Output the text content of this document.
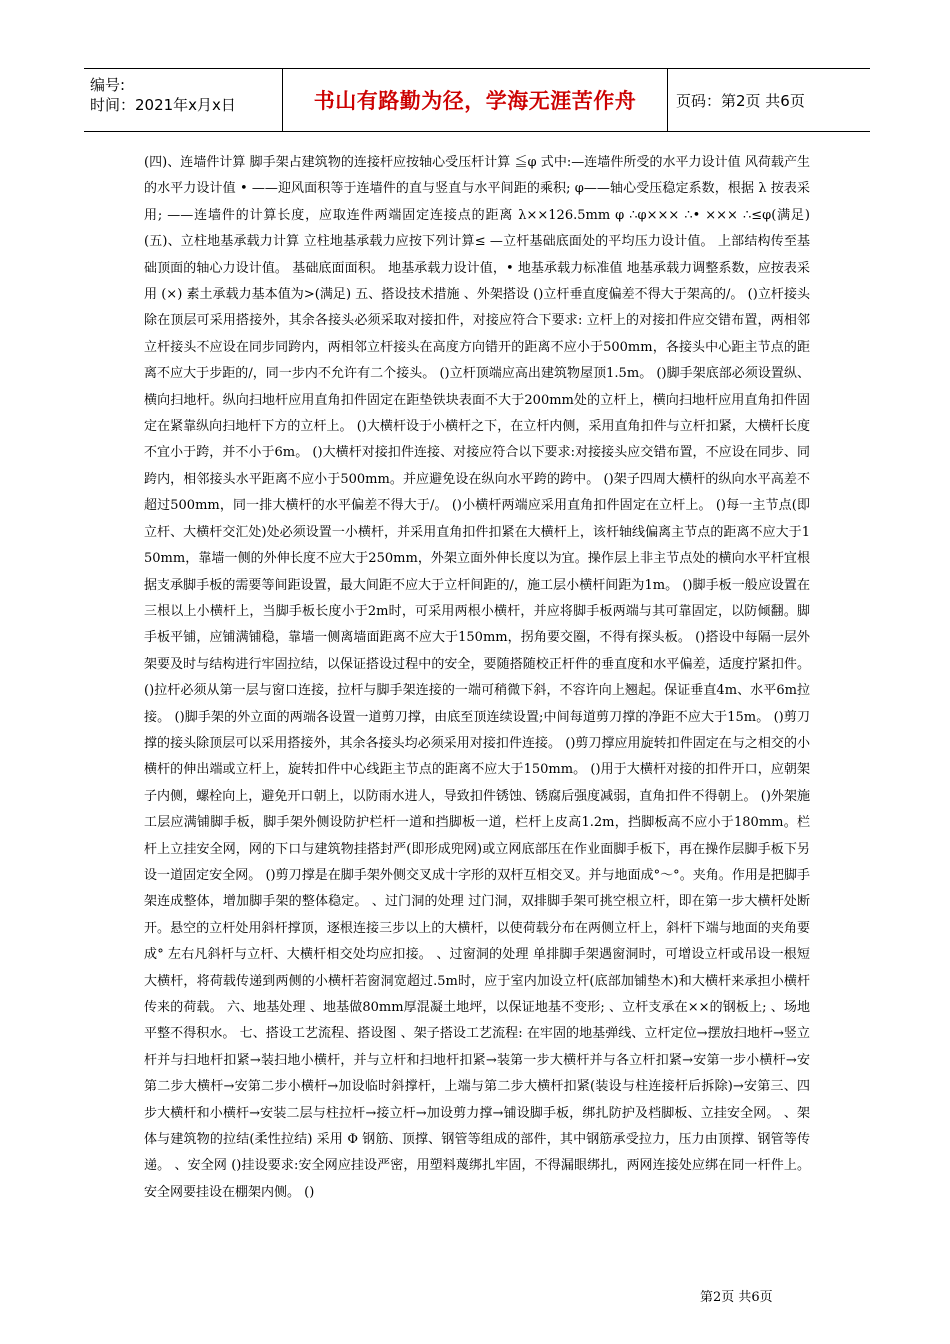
编号:
时间：2021年x月x日	书山有路勤为径，学海无涯苦作舟	页码：第2页 共6页
(四)、连墙件计算 脚手架占建筑物的连接杆应按轴心受压杆计算 ≦φ 式中:—连墙件所受的水平力设计值 风荷载产生的水平力设计值 • ——迎风面积等于连墙件的直与竖直与水平间距的乘积; φ——轴心受压稳定系数，根据 λ 按表采用; ——连墙件的计算长度，应取连件两端固定连接点的距离 λ××126.5mm φ ∴φ××× ∴• ××× ∴≤φ(满足) (五)、立柱地基承载力计算 立柱地基承载力应按下列计算≤ —立杆基础底面处的平均压力设计值。 上部结构传至基础顶面的轴心力设计值。 基础底面面积。 地基承载力设计值，• 地基承载力标准值 地基承载力调整系数，应按表采用 (×) 素土承载力基本值为>(满足) 五、搭设技术措施 、外架搭设 ()立杆垂直度偏差不得大于架高的/。 ()立杆接头除在顶层可采用搭接外，其余各接头必须采取对接扣件，对接应符合下要求: 立杆上的对接扣件应交错布置，两相邻立杆接头不应设在同步同跨内，两相邻立杆接头在高度方向错开的距离不应小于500mm，各接头中心距主节点的距离不应大于步距的/，同一步内不允许有二个接头。 ()立杆顶端应高出建筑物屋顶1.5m。 ()脚手架底部必须设置纵、横向扫地杆。纵向扫地杆应用直角扣件固定在距垫铁块表面不大于200mm处的立杆上，横向扫地杆应用直角扣件固定在紧靠纵向扫地杆下方的立杆上。 ()大横杆设于小横杆之下，在立杆内侧，采用直角扣件与立杆扣紧，大横杆长度不宜小于跨，并不小于6m。 ()大横杆对接扣件连接、对接应符合以下要求:对接接头应交错布置，不应设在同步、同跨内，相邻接头水平距离不应小于500mm。并应避免设在纵向水平跨的跨中。 ()架子四周大横杆的纵向水平高差不超过500mm，同一排大横杆的水平偏差不得大于/。 ()小横杆两端应采用直角扣件固定在立杆上。 ()每一主节点(即立杆、大横杆交汇处)处必须设置一小横杆，并采用直角扣件扣紧在大横杆上，该杆轴线偏离主节点的距离不应大于150mm，靠墙一侧的外伸长度不应大于250mm，外架立面外伸长度以为宜。操作层上非主节点处的横向水平杆宜根据支承脚手板的需要等间距设置，最大间距不应大于立杆间距的/，施工层小横杆间距为1m。 ()脚手板一般应设置在三根以上小横杆上，当脚手板长度小于2m时，可采用两根小横杆，并应将脚手板两端与其可靠固定，以防倾翻。脚手板平铺，应铺满铺稳，靠墙一侧离墙面距离不应大于150mm，拐角要交圈，不得有探头板。 ()搭设中每隔一层外架要及时与结构进行牢固拉结，以保证搭设过程中的安全，要随搭随校正杆件的垂直度和水平偏差，适度拧紧扣件。 ()拉杆必须从第一层与窗口连接，拉杆与脚手架连接的一端可稍微下斜，不容许向上翘起。保证垂直4m、水平6m拉接。 ()脚手架的外立面的两端各设置一道剪刀撑，由底至顶连续设置;中间每道剪刀撑的净距不应大于15m。 ()剪刀撑的接头除顶层可以采用搭接外，其余各接头均必须采用对接扣件连接。 ()剪刀撑应用旋转扣件固定在与之相交的小横杆的伸出端或立杆上，旋转扣件中心线距主节点的距离不应大于150mm。 ()用于大横杆对接的扣件开口，应朝架子内侧，螺栓向上，避免开口朝上，以防雨水进人，导致扣件锈蚀、锈腐后强度减弱，直角扣件不得朝上。 ()外架施工层应满铺脚手板，脚手架外侧设防护栏杆一道和挡脚板一道，栏杆上皮高1.2m，挡脚板高不应小于180mm。栏杆上立挂安全网，网的下口与建筑物挂搭封严(即形成兜网)或立网底部压在作业面脚手板下，再在操作层脚手板下另设一道固定安全网。 ()剪刀撑是在脚手架外侧交叉成十字形的双杆互相交叉。并与地面成°～°。夹角。作用是把脚手架连成整体，增加脚手架的整体稳定。 、过门洞的处理 过门洞，双排脚手架可挑空根立杆，即在第一步大横杆处断开。悬空的立杆处用斜杆撑顶，逐根连接三步以上的大横杆，以使荷载分布在两侧立杆上，斜杆下端与地面的夹角要成° 左右凡斜杆与立杆、大横杆相交处均应扣接。 、过窗洞的处理 单排脚手架遇窗洞时，可增设立杆或吊设一根短大横杆，将荷载传递到两侧的小横杆若窗洞宽超过.5m时，应于室内加设立杆(底部加铺垫木)和大横杆来承担小横杆传来的荷载。 六、地基处理 、地基做80mm厚混凝土地坪，以保证地基不变形; 、立杆支承在××的钢板上; 、场地平整不得积水。 七、搭设工艺流程、搭设图 、架子搭设工艺流程: 在牢固的地基弹线、立杆定位→摆放扫地杆→竖立杆并与扫地杆扣紧→装扫地小横杆，并与立杆和扫地杆扣紧→装第一步大横杆并与各立杆扣紧→安第一步小横杆→安第二步大横杆→安第二步小横杆→加设临时斜撑杆，上端与第二步大横杆扣紧(装设与柱连接杆后拆除)→安第三、四步大横杆和小横杆→安装二层与柱拉杆→接立杆→加设剪力撑→铺设脚手板，绑扎防护及档脚板、立挂安全网。 、架体与建筑物的拉结(柔性拉结) 采用 Φ 钢筋、顶撑、钢管等组成的部件，其中钢筋承受拉力，压力由顶撑、钢管等传递。 、安全网 ()挂设要求:安全网应挂设严密，用塑料蔑绑扎牢固，不得漏眼绑扎，两网连接处应绑在同一杆件上。安全网要挂设在棚架内侧。 ()
第2页 共6页
